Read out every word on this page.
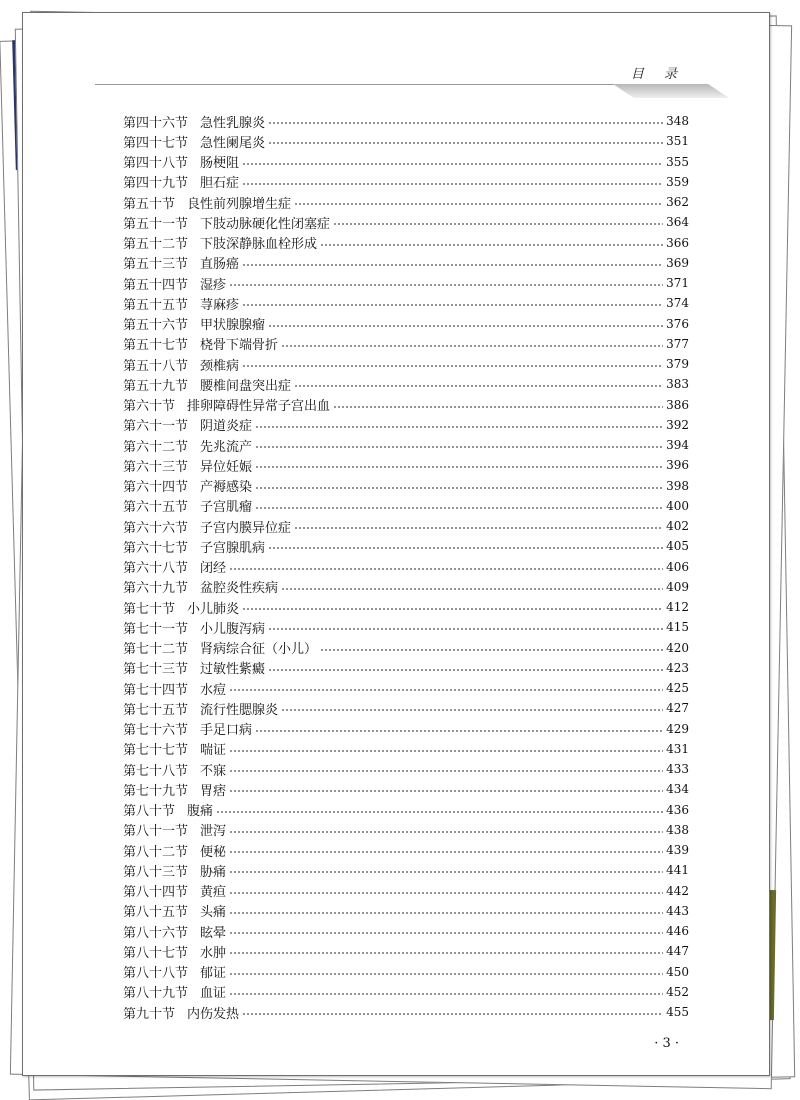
目 录
第四十六节 急性乳腺炎	348
第四十七节 急性阑尾炎	351
第四十八节 肠梗阻	355
第四十九节 胆石症	359
第五十节 良性前列腺增生症	362
第五十一节 下肢动脉硬化性闭塞症	364
第五十二节 下肢深静脉血栓形成	366
第五十三节 直肠癌	369
第五十四节 湿疹	371
第五十五节 荨麻疹	374
第五十六节 甲状腺腺瘤	376
第五十七节 桡骨下端骨折	377
第五十八节 颈椎病	379
第五十九节 腰椎间盘突出症	383
第六十节 排卵障碍性异常子宫出血	386
第六十一节 阴道炎症	392
第六十二节 先兆流产	394
第六十三节 异位妊娠	396
第六十四节 产褥感染	398
第六十五节 子宫肌瘤	400
第六十六节 子宫内膜异位症	402
第六十七节 子宫腺肌病	405
第六十八节 闭经	406
第六十九节 盆腔炎性疾病	409
第七十节 小儿肺炎	412
第七十一节 小儿腹泻病	415
第七十二节 肾病综合征（小儿）	420
第七十三节 过敏性紫癜	423
第七十四节 水痘	425
第七十五节 流行性腮腺炎	427
第七十六节 手足口病	429
第七十七节 喘证	431
第七十八节 不寐	433
第七十九节 胃痞	434
第八十节 腹痛	436
第八十一节 泄泻	438
第八十二节 便秘	439
第八十三节 胁痛	441
第八十四节 黄疸	442
第八十五节 头痛	443
第八十六节 眩晕	446
第八十七节 水肿	447
第八十八节 郁证	450
第八十九节 血证	452
第九十节 内伤发热	455
· 3 ·
